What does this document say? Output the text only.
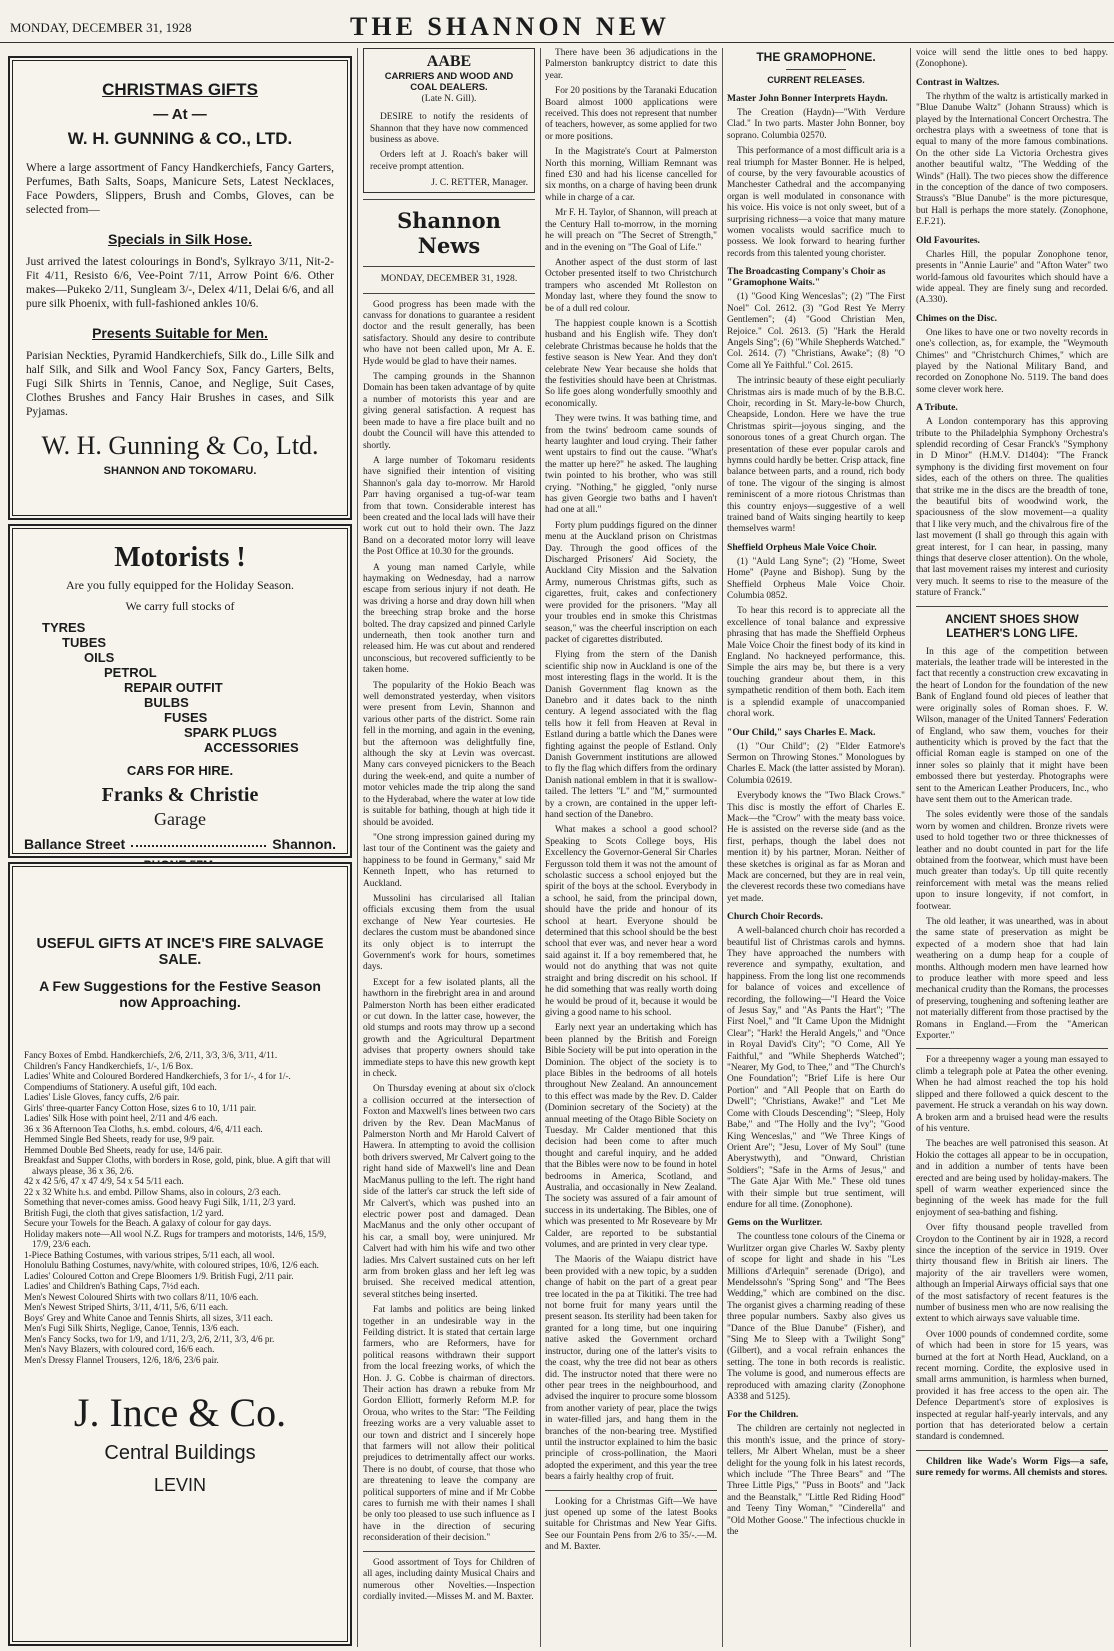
MONDAY, DECEMBER 31, 1928	THE SHANNON NEW
CHRISTMAS GIFTS
— At —
W. H. GUNNING & CO., LTD.
Where a large assortment of Fancy Handkerchiefs, Fancy Garters, Perfumes, Bath Salts, Soaps, Manicure Sets, Latest Necklaces, Face Powders, Slippers, Brush and Combs, Gloves, can be selected from—
Specials in Silk Hose.
Just arrived the latest colourings in Bond's, Sylkrayo 3/11, Nit-2-Fit 4/11, Resisto 6/6, Vee-Point 7/11, Arrow Point 6/6. Other makes—Pukeko 2/11, Sungleam 3/-, Delex 4/11, Delai 6/6, and all pure silk Phoenix, with full-fashioned ankles 10/6.
Presents Suitable for Men.
Parisian Neckties, Pyramid Handkerchiefs, Silk do., Lille Silk and half Silk, and Silk and Wool Fancy Sox, Fancy Garters, Belts, Fugi Silk Shirts in Tennis, Canoe, and Neglige, Suit Cases, Clothes Brushes and Fancy Hair Brushes in cases, and Silk Pyjamas.
W. H. Gunning & Co, Ltd.
SHANNON AND TOKOMARU.
Motorists !
Are you fully equipped for the Holiday Season.
We carry full stocks of
TYRES
TUBES
OILS
PETROL
REPAIR OUTFIT
BULBS
FUSES
SPARK PLUGS
ACCESSORIES
CARS FOR HIRE.
Franks & Christie
Garage
Ballance Street	Shannon.
USEFUL GIFTS AT INCE'S FIRE SALVAGE SALE.
A Few Suggestions for the Festive Season now Approaching.
Fancy Boxes of Embd. Handkerchiefs, 2/6, 2/11, 3/3, 3/6, 3/11, 4/11.
Children's Fancy Handkerchiefs, 1/-, 1/6 Box.
Ladies' White and Coloured Bordered Handkerchiefs, 3 for 1/-, 4 for 1/-.
Compendiums of Stationery. A useful gift, 10d each.
Ladies' Lisle Gloves, fancy cuffs, 2/6 pair.
Girls' three-quarter Fancy Cotton Hose, sizes 6 to 10, 1/11 pair.
Ladies' Silk Hose with point heel, 2/11 and 4/6 each.
36 x 36 Afternoon Tea Cloths, h.s. embd. colours, 4/6, 4/11 each.
Hemmed Single Bed Sheets, ready for use, 9/9 pair.
Hemmed Double Bed Sheets, ready for use, 14/6 pair.
Breakfast and Supper Cloths, with borders in Rose, gold, pink, blue. A gift that will always please, 36 x 36, 2/6.
42 x 42 5/6, 47 x 47 4/9, 54 x 54 5/11 each.
22 x 32 White h.s. and embd. Pillow Shams, also in colours, 2/3 each.
Something that never-comes amiss. Good heavy Fugi Silk, 1/11, 2/3 yard.
British Fugi, the cloth that gives satisfaction, 1/2 yard.
Secure your Towels for the Beach. A galaxy of colour for gay days.
Holiday makers note—All wool N.Z. Rugs for trampers and motorists, 14/6, 15/9, 17/9, 23/6 each.
1-Piece Bathing Costumes, with various stripes, 5/11 each, all wool.
Honolulu Bathing Costumes, navy/white, with coloured stripes, 10/6, 12/6 each.
Ladies' Coloured Cotton and Crepe Bloomers 1/9. British Fugi, 2/11 pair.
Ladies' and Children's Bathing Caps, 7½d each.
Men's Newest Coloured Shirts with two collars 8/11, 10/6 each.
Men's Newest Striped Shirts, 3/11, 4/11, 5/6, 6/11 each.
Boys' Grey and White Canoe and Tennis Shirts, all sizes, 3/11 each.
Men's Fugi Silk Shirts, Neglige, Canoe, Tennis, 13/6 each.
Men's Fancy Socks, two for 1/9, and 1/11, 2/3, 2/6, 2/11, 3/3, 4/6 pr.
Men's Navy Blazers, with coloured cord, 16/6 each.
Men's Dressy Flannel Trousers, 12/6, 18/6, 23/6 pair.
J. Ince & Co.
Central Buildings
LEVIN
AABE
CARRIERS AND WOOD AND COAL DEALERS.
(Late N. Gill).

DESIRE to notify the residents of Shannon that they have now commenced business as above.

Orders left at J. Roach's baker will receive prompt attention.

J. C. RETTER, Manager.
Shannon News
MONDAY, DECEMBER 31, 1928.

Good progress has been made with the canvass for donations to guarantee a resident doctor and the result generally, has been satisfactory. Should any desire to contribute who have not been called upon, Mr A. E. Hyde would be glad to have their names.

The camping grounds in the Shannon Domain has been taken advantage of by quite a number of motorists this year and are giving general satisfaction. A request has been made to have a fire place built and no doubt the Council will have this attended to shortly.

A large number of Tokomaru residents have signified their intention of visiting Shannon's gala day to-morrow. Mr Harold Parr having organised a tug-of-war team from that town. Considerable interest has been created and the local lads will have their work cut out to hold their own. The Jazz Band on a decorated motor lorry will leave the Post Office at 10.30 for the grounds.

A young man named Carlyle, while haymaking on Wednesday, had a narrow escape from serious injury if not death. He was driving a horse and dray down hill when the breeching strap broke and the horse bolted. The dray capsized and pinned Carlyle underneath, then took another turn and released him. He was cut about and rendered unconscious, but recovered sufficiently to be taken home.

The popularity of the Hokio Beach was well demonstrated yesterday, when visitors were present from Levin, Shannon and various other parts of the district. Some rain fell in the morning, and again in the evening, but the afternoon was delightfully fine, although the sky at Levin was overcast. Many cars conveyed picnickers to the Beach during the week-end, and quite a number of motor vehicles made the trip along the sand to the Hyderabad, where the water at low tide is suitable for bathing, though at high tide it should be avoided.

"One strong impression gained during my last tour of the Continent was the gaiety and happiness to be found in Germany," said Mr Kenneth Inpett, who has returned to Auckland.

Mussolini has circularised all Italian officials excusing them from the usual exchange of New Year courtesies. He declares the custom must be abandoned since its only object is to interrupt the Government's work for hours, sometimes days.

Except for a few isolated plants, all the hawthorn in the firebright area in and around Palmerston North has been either eradicated or cut down. In the latter case, however, the old stumps and roots may throw up a second growth and the Agricultural Department advises that property owners should take immediate steps to have this new growth kept in check.

On Thursday evening at about six o'clock a collision occurred at the intersection of Foxton and Maxwell's lines between two cars driven by the Rev. Dean MacManus of Palmerston North and Mr Harold Calvert of Hawera. In attempting to avoid the collision both drivers swerved, Mr Calvert going to the right hand side of Maxwell's line and Dean MacManus pulling to the left. The right hand side of the latter's car struck the left side of Mr Calvert's, which was pushed into an electric power post and damaged. Dean MacManus and the only other occupant of his car, a small boy, were uninjured. Mr Calvert had with him his wife and two other ladies. Mrs Calvert sustained cuts on her left arm from broken glass and her left leg was bruised. She received medical attention, several stitches being inserted.

Fat lambs and politics are being linked together in an undesirable way in the Feilding district. It is stated that certain large farmers, who are Reformers, have for political reasons withdrawn their support from the local freezing works, of which the Hon. J. G. Cobbe is chairman of directors. Their action has drawn a rebuke from Mr Gordon Elliott, formerly Reform M.P. for Oroua, who writes to the Star: "The Feilding freezing works are a very valuable asset to our town and district and I sincerely hope that farmers will not allow their political prejudices to detrimentally affect our works. There is no doubt, of course, that those who are threatening to leave the company are political supporters of mine and if Mr Cobbe cares to furnish me with their names I shall be only too pleased to use such influence as I have in the direction of securing reconsideration of their decision."

Good assortment of Toys for Children of all ages, including dainty Musical Chairs and numerous other Novelties.—Inspection cordially invited.—Misses M. and M. Baxter.

There have been 36 adjudications in the Palmerston bankruptcy district to date this year.

For 20 positions by the Taranaki Education Board almost 1000 applications were received. This does not represent that number of teachers, however, as some applied for two or more positions.

In the Magistrate's Court at Palmerston North this morning, William Remnant was fined £30 and had his license cancelled for six months, on a charge of having been drunk while in charge of a car.

Mr F. H. Taylor, of Shannon, will preach at the Century Hall to-morrow, in the morning he will preach on "The Secret of Strength," and in the evening on "The Goal of Life."

Another aspect of the dust storm of last October presented itself to two Christchurch trampers who ascended Mt Rolleston on Monday last, where they found the snow to be of a dull red colour.

The happiest couple known is a Scottish husband and his English wife. They don't celebrate Christmas because he holds that the festive season is New Year. And they don't celebrate New Year because she holds that the festivities should have been at Christmas. So life goes along wonderfully smoothly and economically.

They were twins. It was bathing time, and from the twins' bedroom came sounds of hearty laughter and loud crying. Their father went upstairs to find out the cause. "What's the matter up here?" he asked. The laughing twin pointed to his brother, who was still crying. "Nothing," he giggled, "only nurse has given Georgie two baths and I haven't had one at all."

Forty plum puddings figured on the dinner menu at the Auckland prison on Christmas Day. Through the good offices of the Discharged Prisoners' Aid Society, the Auckland City Mission and the Salvation Army, numerous Christmas gifts, such as cigarettes, fruit, cakes and confectionery were provided for the prisoners. "May all your troubles end in smoke this Christmas season," was the cheerful inscription on each packet of cigarettes distributed.

Flying from the stern of the Danish scientific ship now in Auckland is one of the most interesting flags in the world. It is the Danish Government flag known as the Danebro and it dates back to the ninth century. A legend associated with the flag tells how it fell from Heaven at Reval in Estland during a battle which the Danes were fighting against the people of Estland. Only Danish Government institutions are allowed to fly the flag which differs from the ordinary Danish national emblem in that it is swallow-tailed. The letters "L" and "M," surmounted by a crown, are contained in the upper left-hand section of the Danebro.

What makes a school a good school? Speaking to Scots College boys, His Excellency the Governor-General Sir Charles Fergusson told them it was not the amount of scholastic success a school enjoyed but the spirit of the boys at the school. Everybody in a school, he said, from the principal down, should have the pride and honour of its school at heart. Everyone should be determined that this school should be the best school that ever was, and never hear a word said against it. If a boy remembered that, he would not do anything that was not quite straight and bring discredit on his school. If he did something that was really worth doing he would be proud of it, because it would be giving a good name to his school.

Early next year an undertaking which has been planned by the British and Foreign Bible Society will be put into operation in the Dominion. The object of the society is to place Bibles in the bedrooms of all hotels throughout New Zealand. An announcement to this effect was made by the Rev. D. Calder (Dominion secretary of the Society) at the annual meeting of the Otago Bible Society on Tuesday. Mr Calder mentioned that this decision had been come to after much thought and careful inquiry, and he added that the Bibles were now to be found in hotel bedrooms in America, Scotland, and Australia, and occasionally in New Zealand. The society was assured of a fair amount of success in its undertaking. The Bibles, one of which was presented to Mr Roseveare by Mr Calder, are reported to be substantial volumes, and are printed in very clear type.

The Maoris of the Waiapu district have been provided with a new topic, by a sudden change of habit on the part of a great pear tree located in the pa at Tikitiki. The tree had not borne fruit for many years until the present season. Its sterility had been taken for granted for a long time, but one inquiring native asked the Government orchard instructor, during one of the latter's visits to the coast, why the tree did not bear as others did. The instructor noted that there were no other pear trees in the neighbourhood, and advised the inquirer to procure some blossom from another variety of pear, place the twigs in water-filled jars, and hang them in the branches of the non-bearing tree. Mystified until the instructor explained to him the basic principle of cross-pollination, the Maori adopted the experiment, and this year the tree bears a fairly healthy crop of fruit.

Looking for a Christmas Gift—We have just opened up some of the latest Books suitable for Christmas and New Year Gifts. See our Fountain Pens from 2/6 to 35/-.—M. and M. Baxter.

THE GRAMOPHONE.
CURRENT RELEASES.
Master John Bonner Interprets Haydn.

The Creation (Haydn)—"With Verdure Clad." In two parts. Master John Bonner, boy soprano. Columbia 02570.

This performance of a most difficult aria is a real triumph for Master Bonner. He is helped, of course, by the very favourable acoustics of Manchester Cathedral and the accompanying organ is well modulated in consonance with his voice. His voice is not only sweet, but of a surprising richness—a voice that many mature women vocalists would sacrifice much to possess. We look forward to hearing further records from this talented young chorister.

The Broadcasting Company's Choir as "Gramophone Waits."

(1) "Good King Wenceslas"; (2) "The First Noel" Col. 2612. (3) "God Rest Ye Merry Gentlemen"; (4) "Good Christian Men, Rejoice." Col. 2613. (5) "Hark the Herald Angels Sing"; (6) "While Shepherds Watched." Col. 2614. (7) "Christians, Awake"; (8) "O Come all Ye Faithful." Col. 2615.

The intrinsic beauty of these eight peculiarly Christmas airs is made much of by the B.B.C. Choir, recording in St. Mary-le-bow Church, Cheapside, London. Here we have the true Christmas spirit—joyous singing, and the sonorous tones of a great Church organ. The presentation of these ever popular carols and hymns could hardly be better. Crisp attack, fine balance between parts, and a round, rich body of tone. The vigour of the singing is almost reminiscent of a more riotous Christmas than this country enjoys—suggestive of a well trained band of Waits singing heartily to keep themselves warm!

Sheffield Orpheus Male Voice Choir.

(1) "Auld Lang Syne"; (2) "Home, Sweet Home" (Payne and Bishop). Sung by the Sheffield Orpheus Male Voice Choir. Columbia 0852.

To hear this record is to appreciate all the excellence of tonal balance and expressive phrasing that has made the Sheffield Orpheus Male Voice Choir the finest body of its kind in England. No hackneyed performance, this. Simple the airs may be, but there is a very touching grandeur about them, in this sympathetic rendition of them both. Each item is a splendid example of unaccompanied choral work.

"Our Child," says Charles E. Mack.

(1) "Our Child"; (2) "Elder Eatmore's Sermon on Throwing Stones." Monologues by Charles E. Mack (the latter assisted by Moran). Columbia 02619.

Everybody knows the "Two Black Crows." This disc is mostly the effort of Charles E. Mack—the "Crow" with the meaty bass voice. He is assisted on the reverse side (and as the first, perhaps, though the label does not mention it) by his partner, Moran. Neither of these sketches is original as far as Moran and Mack are concerned, but they are in real vein, the cleverest records these two comedians have yet made.

Church Choir Records.

A well-balanced church choir has recorded a beautiful list of Christmas carols and hymns. They have approached the numbers with reverence and sympathy, exultation, and happiness. From the long list one recommends for balance of voices and excellence of recording, the following—"I Heard the Voice of Jesus Say," and "As Pants the Hart"; "The First Noel," and "It Came Upon the Midnight Clear"; "Hark! the Herald Angels," and "Once in Royal David's City"; "O Come, All Ye Faithful," and "While Shepherds Watched"; "Nearer, My God, to Thee," and "The Church's One Foundation"; "Brief Life is here Our Portion" and "All People that on Earth do Dwell"; "Christians, Awake!" and "Let Me Come with Clouds Descending"; "Sleep, Holy Babe," and "The Holly and the Ivy"; "Good King Wenceslas," and "We Three Kings of Orient Are"; "Jesu, Lover of My Soul" (tune Aberystwyth), and "Onward, Christian Soldiers"; "Safe in the Arms of Jesus," and "The Gate Ajar With Me." These old tunes with their simple but true sentiment, will endure for all time. (Zonophone).

Gems on the Wurlitzer.

The countless tone colours of the Cinema or Wurlitzer organ give Charles W. Saxby plenty of scope for light and shade in his "Les Millions d'Arlequin" serenade (Drigo), and Mendelssohn's "Spring Song" and "The Bees Wedding," which are combined on the disc. The organist gives a charming reading of these three popular numbers. Saxby also gives us "Dance of the Blue Danube" (Fisher), and "Sing Me to Sleep with a Twilight Song" (Gilbert), and a vocal refrain enhances the setting. The tone in both records is realistic. The volume is good, and numerous effects are reproduced with amazing clarity (Zonophone A338 and 5125).

For the Children.

The children are certainly not neglected in this month's issue, and the prince of story-tellers, Mr Albert Whelan, must be a sheer delight for the young folk in his latest records, which include "The Three Bears" and "The Three Little Pigs," "Puss in Boots" and "Jack and the Beanstalk," "Little Red Riding Hood" and Teeny Tiny Woman," "Cinderella" and "Old Mother Goose." The infectious chuckle in the

voice will send the little ones to bed happy. (Zonophone).

Contrast in Waltzes.

The rhythm of the waltz is artistically marked in "Blue Danube Waltz" (Johann Strauss) which is played by the International Concert Orchestra. The orchestra plays with a sweetness of tone that is equal to many of the more famous combinations. On the other side La Victoria Orchestra gives another beautiful waltz, "The Wedding of the Winds" (Hall). The two pieces show the difference in the conception of the dance of two composers. Strauss's "Blue Danube" is the more picturesque, but Hall is perhaps the more stately. (Zonophone, E.F.21).

Old Favourites.

Charles Hill, the popular Zonophone tenor, presents in "Annie Laurie" and "Afton Water" two world-famous old favourites which should have a wide appeal. They are finely sung and recorded. (A.330).

Chimes on the Disc.

One likes to have one or two novelty records in one's collection, as, for example, the "Weymouth Chimes" and "Christchurch Chimes," which are played by the National Military Band, and recorded on Zonophone No. 5119. The band does some clever work here.

A Tribute.

A London contemporary has this approving tribute to the Philadelphia Symphony Orchestra's splendid recording of Cesar Franck's "Symphony in D Minor" (H.M.V. D1404): "The Franck symphony is the dividing first movement on four sides, each of the others on three. The qualities that strike me in the discs are the breadth of tone, the beautiful bits of woodwind work, the spaciousness of the slow movement—a quality that I like very much, and the chivalrous fire of the last movement (I shall go through this again with great interest, for I can hear, in passing, many things that deserve closer attention). On the whole, that last movement raises my interest and curiosity very much. It seems to rise to the measure of the stature of Franck."

ANCIENT SHOES SHOW LEATHER'S LONG LIFE.

In this age of the competition between materials, the leather trade will be interested in the fact that recently a construction crew excavating in the heart of London for the foundation of the new Bank of England found old pieces of leather that were originally soles of Roman shoes. F. W. Wilson, manager of the United Tanners' Federation of England, who saw them, vouches for their authenticity which is proved by the fact that the official Roman eagle is stamped on one of the inner soles so plainly that it might have been embossed there but yesterday. Photographs were sent to the American Leather Producers, Inc., who have sent them out to the American trade.

The soles evidently were those of the sandals worn by women and children. Bronze rivets were used to hold together two or three thicknesses of leather and no doubt counted in part for the life obtained from the footwear, which must have been much greater than today's. Up till quite recently reinforcement with metal was the means relied upon to insure longevity, if not comfort, in footwear.

The old leather, it was unearthed, was in about the same state of preservation as might be expected of a modern shoe that had lain weathering on a dump heap for a couple of months. Although modern men have learned how to produce leather with more speed and less mechanical crudity than the Romans, the processes of preserving, toughening and softening leather are not materially different from those practised by the Romans in England.—From the "American Exporter."

For a threepenny wager a young man essayed to climb a telegraph pole at Patea the other evening. When he had almost reached the top his hold slipped and there followed a quick descent to the pavement. He struck a verandah on his way down. A broken arm and a bruised head were the results of his venture.

The beaches are well patronised this season. At Hokio the cottages all appear to be in occupation, and in addition a number of tents have been erected and are being used by holiday-makers. The spell of warm weather experienced since the beginning of the week has made for the full enjoyment of sea-bathing and fishing.

Over fifty thousand people travelled from Croydon to the Continent by air in 1928, a record since the inception of the service in 1919. Over thirty thousand flew in British air liners. The majority of the air travellers were women, although an Imperial Airways official says that one of the most satisfactory of recent features is the number of business men who are now realising the extent to which airways save valuable time.

Over 1000 pounds of condemned cordite, some of which had been in store for 15 years, was burned at the fort at North Head, Auckland, on a recent morning. Cordite, the explosive used in small arms ammunition, is harmless when burned, provided it has free access to the open air. The Defence Department's store of explosives is inspected at regular half-yearly intervals, and any portion that has deteriorated below a certain standard is condemned.

Children like Wade's Worm Figs—a safe, sure remedy for worms. All chemists and stores.
